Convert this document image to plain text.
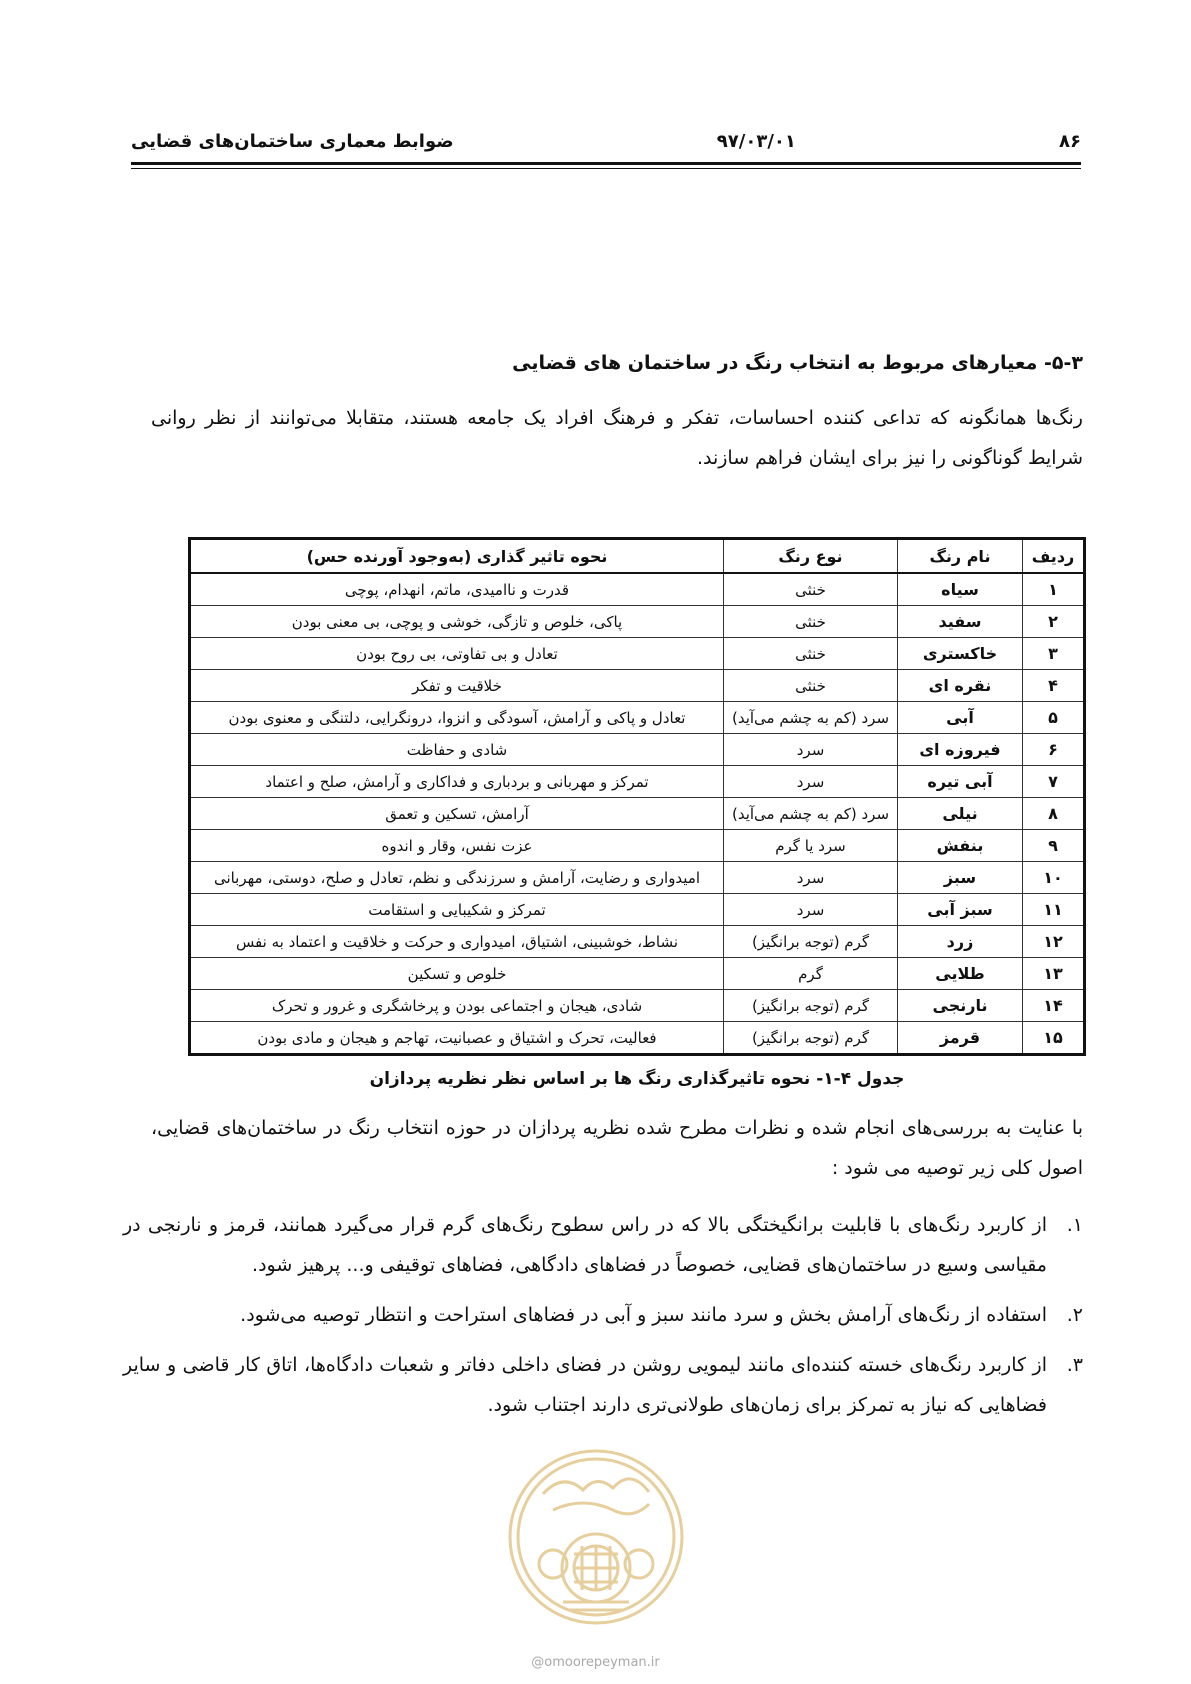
۸۶
۹۷/۰۳/۰۱
ضوابط معماری ساختمان‌های قضایی
۵-۳- معیارهای مربوط به انتخاب رنگ در ساختمان های قضایی
رنگ‌ها همانگونه که تداعی کننده احساسات، تفکر و فرهنگ افراد یک جامعه هستند، متقابلا می‌توانند از نظر روانی شرایط گوناگونی را نیز برای ایشان فراهم سازند.
ردیف	نام رنگ	نوع رنگ	نحوه تاثیر گذاری (به‌وجود آورنده حس)
۱	سیاه	خنثی	قدرت و ناامیدی، ماتم، انهدام، پوچی
۲	سفید	خنثی	پاکی، خلوص و تازگی، خوشی و پوچی، بی معنی بودن
۳	خاکستری	خنثی	تعادل و بی تفاوتی، بی روح بودن
۴	نقره ای	خنثی	خلاقیت و تفکر
۵	آبی	سرد (کم به چشم می‌آید)	تعادل و پاکی و آرامش، آسودگی و انزوا، درونگرایی، دلتنگی و معنوی بودن
۶	فیروزه ای	سرد	شادی و حفاظت
۷	آبی تیره	سرد	تمرکز و مهربانی و بردباری و فداکاری و آرامش، صلح و اعتماد
۸	نیلی	سرد (کم به چشم می‌آید)	آرامش، تسکین و تعمق
۹	بنفش	سرد یا گرم	عزت نفس، وقار و اندوه
۱۰	سبز	سرد	امیدواری و رضایت، آرامش و سرزندگی و نظم، تعادل و صلح، دوستی، مهربانی
۱۱	سبز آبی	سرد	تمرکز و شکیبایی و استقامت
۱۲	زرد	گرم (توجه برانگیز)	نشاط، خوشبینی، اشتیاق، امیدواری و حرکت و خلاقیت و اعتماد به نفس
۱۳	طلایی	گرم	خلوص و تسکین
۱۴	نارنجی	گرم (توجه برانگیز)	شادی، هیجان و اجتماعی بودن و پرخاشگری و غرور و تحرک
۱۵	قرمز	گرم (توجه برانگیز)	فعالیت، تحرک و اشتیاق و عصبانیت، تهاجم و هیجان و مادی بودن
جدول ۴-۱- نحوه تاثیرگذاری رنگ ها بر اساس نظر نظریه پردازان
با عنایت به بررسی‌های انجام شده و نظرات مطرح شده نظریه پردازان در حوزه انتخاب رنگ در ساختمان‌های قضایی، اصول کلی زیر توصیه می شود :
۱.
از کاربرد رنگ‌های با قابلیت برانگیختگی بالا که در راس سطوح رنگ‌های گرم قرار می‌گیرد همانند، قرمز و نارنجی در مقیاسی وسیع در ساختمان‌های قضایی، خصوصاً در فضاهای دادگاهی، فضاهای توقیفی و... پرهیز شود.
۲.
استفاده از رنگ‌های آرامش بخش و سرد مانند سبز و آبی در فضاهای استراحت و انتظار توصیه می‌شود.
۳.
از کاربرد رنگ‌های خسته کننده‌ای مانند لیمویی روشن در فضای داخلی دفاتر و شعبات دادگاه‌ها، اتاق کار قاضی و سایر فضاهایی که نیاز به تمرکز برای زمان‌های طولانی‌تری دارند اجتناب شود.
@omoorepeyman.ir
